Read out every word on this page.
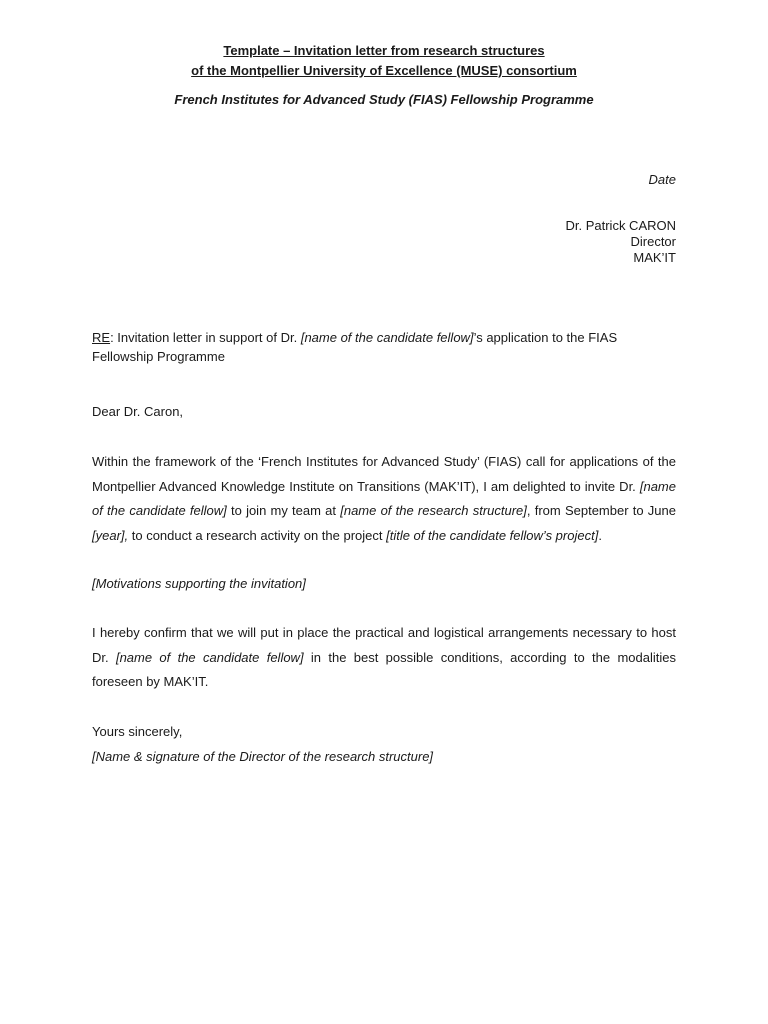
Template – Invitation letter from research structures
of the Montpellier University of Excellence (MUSE) consortium
French Institutes for Advanced Study (FIAS) Fellowship Programme
Date
Dr. Patrick CARON
Director
MAK’IT
RE: Invitation letter in support of Dr. [name of the candidate fellow]’s application to the FIAS Fellowship Programme
Dear Dr. Caron,
Within the framework of the ‘French Institutes for Advanced Study’ (FIAS) call for applications of the Montpellier Advanced Knowledge Institute on Transitions (MAK’IT), I am delighted to invite Dr. [name of the candidate fellow] to join my team at [name of the research structure], from September to June [year], to conduct a research activity on the project [title of the candidate fellow’s project].
[Motivations supporting the invitation]
I hereby confirm that we will put in place the practical and logistical arrangements necessary to host Dr. [name of the candidate fellow] in the best possible conditions, according to the modalities foreseen by MAK’IT.
Yours sincerely,
[Name & signature of the Director of the research structure]
